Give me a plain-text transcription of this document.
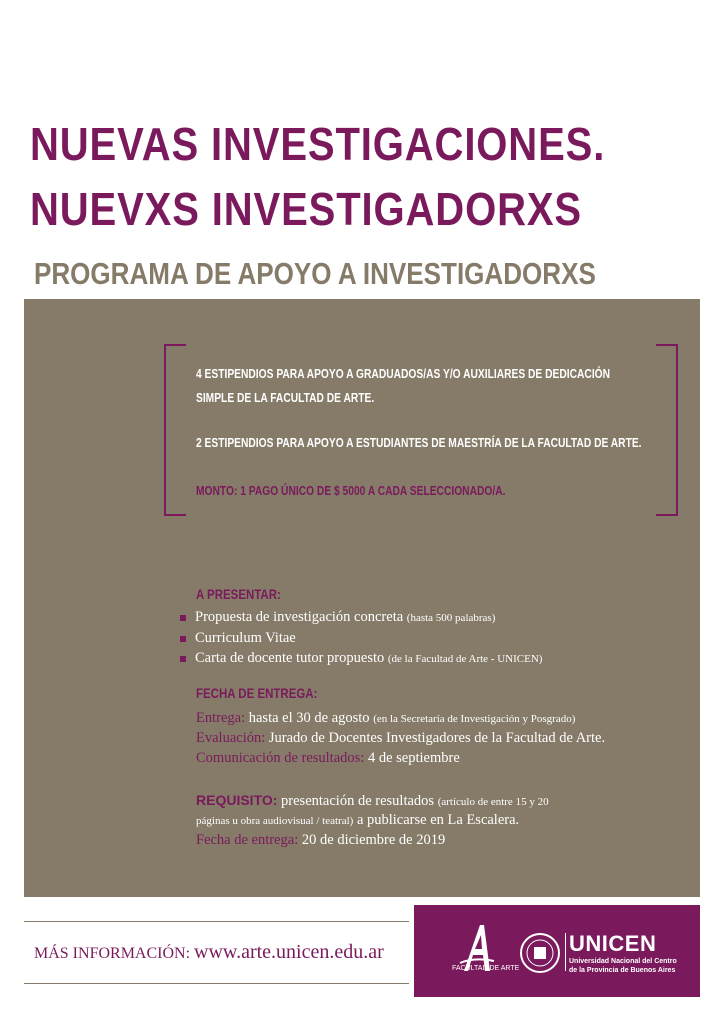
NUEVAS INVESTIGACIONES.
NUEVXS INVESTIGADORXS
PROGRAMA DE APOYO A INVESTIGADORXS
4 ESTIPENDIOS PARA APOYO A GRADUADOS/AS Y/O AUXILIARES DE DEDICACIÓN
SIMPLE DE LA FACULTAD DE ARTE.
2 ESTIPENDIOS PARA APOYO A ESTUDIANTES DE MAESTRÍA DE LA FACULTAD DE ARTE.
MONTO: 1 PAGO ÚNICO DE $ 5000 A CADA SELECCIONADO/A.
A PRESENTAR:
Propuesta de investigación concreta (hasta 500 palabras)
Curriculum Vitae
Carta de docente tutor propuesto (de la Facultad de Arte - UNICEN)
FECHA DE ENTREGA:
Entrega: hasta el 30 de agosto (en la Secretaría de Investigación y Posgrado)
Evaluación: Jurado de Docentes Investigadores de la Facultad de Arte.
Comunicación de resultados: 4 de septiembre
REQUISITO: presentación de resultados (artículo de entre 15 y 20
páginas u obra audiovisual / teatral) a publicarse en La Escalera.
Fecha de entrega: 20 de diciembre de 2019
MÁS INFORMACIÓN: www.arte.unicen.edu.ar
FACULTAD DE ARTE
UNICEN
Universidad Nacional del Centro
de la Provincia de Buenos Aires
